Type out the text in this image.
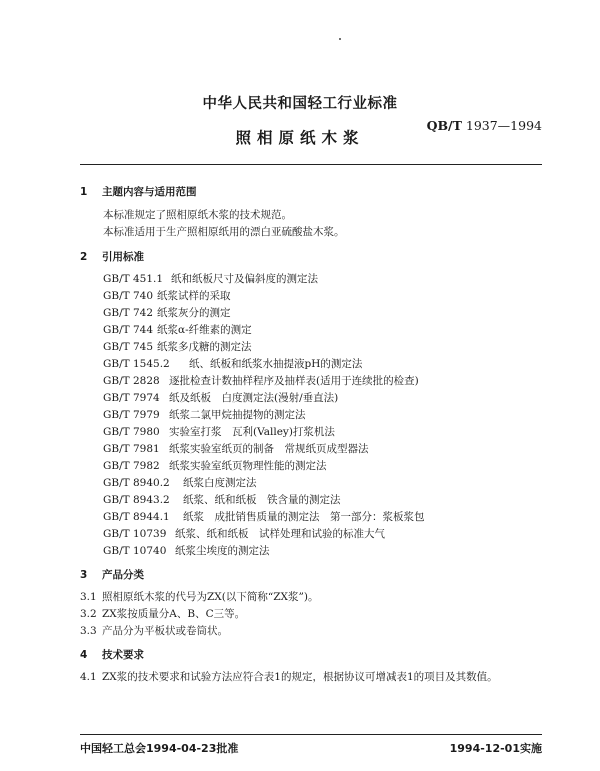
中华人民共和国轻工行业标准
QB/T 1937—1994
照相原纸木浆
1 主题内容与适用范围
本标准规定了照相原纸木浆的技术规范。
本标准适用于生产照相原纸用的漂白亚硫酸盐木浆。
2 引用标准
GB/T 451.1 纸和纸板尺寸及偏斜度的测定法
GB/T 740 纸浆试样的采取
GB/T 742 纸浆灰分的测定
GB/T 744 纸浆α-纤维素的测定
GB/T 745 纸浆多戊糖的测定法
GB/T 1545.2 纸、纸板和纸浆水抽提液pH的测定法
GB/T 2828 逐批检查计数抽样程序及抽样表(适用于连续批的检查)
GB/T 7974 纸及纸板　白度测定法(漫射/垂直法)
GB/T 7979 纸浆二氯甲烷抽提物的测定法
GB/T 7980 实验室打浆　瓦利(Valley)打浆机法
GB/T 7981 纸浆实验室纸页的制备　常规纸页成型器法
GB/T 7982 纸浆实验室纸页物理性能的测定法
GB/T 8940.2 纸浆白度测定法
GB/T 8943.2 纸浆、纸和纸板　铁含量的测定法
GB/T 8944.1 纸浆　成批销售质量的测定法　第一部分：浆板浆包
GB/T 10739 纸浆、纸和纸板　试样处理和试验的标准大气
GB/T 10740 纸浆尘埃度的测定法
3 产品分类
3.1 照相原纸木浆的代号为ZX(以下简称“ZX浆”)。
3.2 ZX浆按质量分A、B、C三等。
3.3 产品分为平板状或卷筒状。
4 技术要求
4.1 ZX浆的技术要求和试验方法应符合表1的规定，根据协议可增减表1的项目及其数值。
中国轻工总会1994-04-23批准	1994-12-01实施
